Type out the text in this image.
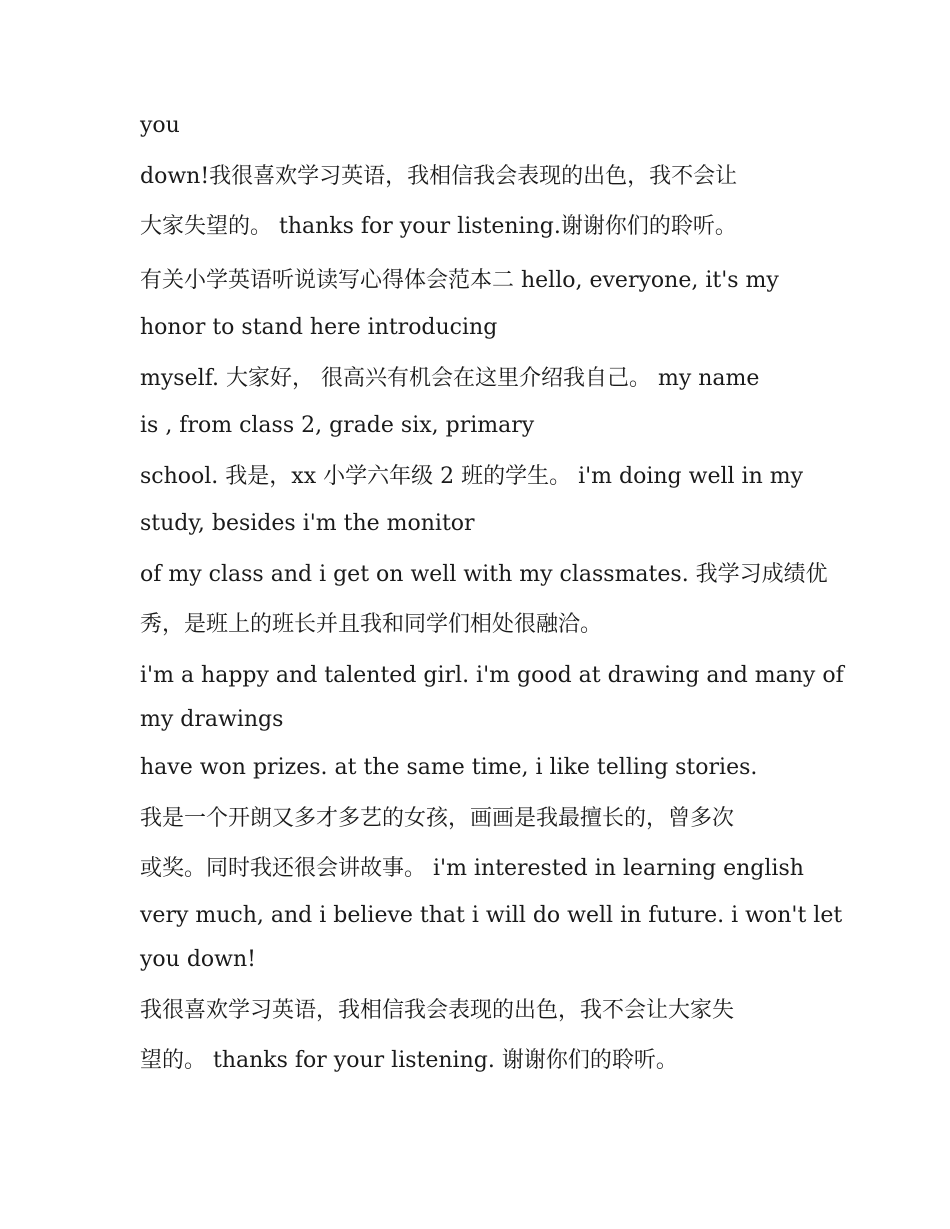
you
down!我很喜欢学习英语，我相信我会表现的出色，我不会让
大家失望的。 thanks for your listening.谢谢你们的聆听。
有关小学英语听说读写心得体会范本二 hello, everyone, it's my
honor to stand here introducing
myself. 大家好， 很高兴有机会在这里介绍我自己。 my name
is , from class 2, grade six, primary
school. 我是，xx 小学六年级 2 班的学生。 i'm doing well in my
study, besides i'm the monitor
of my class and i get on well with my classmates. 我学习成绩优
秀，是班上的班长并且我和同学们相处很融洽。
i'm a happy and talented girl. i'm good at drawing and many of
my drawings
have won prizes. at the same time, i like telling stories.
我是一个开朗又多才多艺的女孩，画画是我最擅长的，曾多次
或奖。同时我还很会讲故事。 i'm interested in learning english
very much, and i believe that i will do well in future. i won't let
you down!
我很喜欢学习英语，我相信我会表现的出色，我不会让大家失
望的。 thanks for your listening. 谢谢你们的聆听。
